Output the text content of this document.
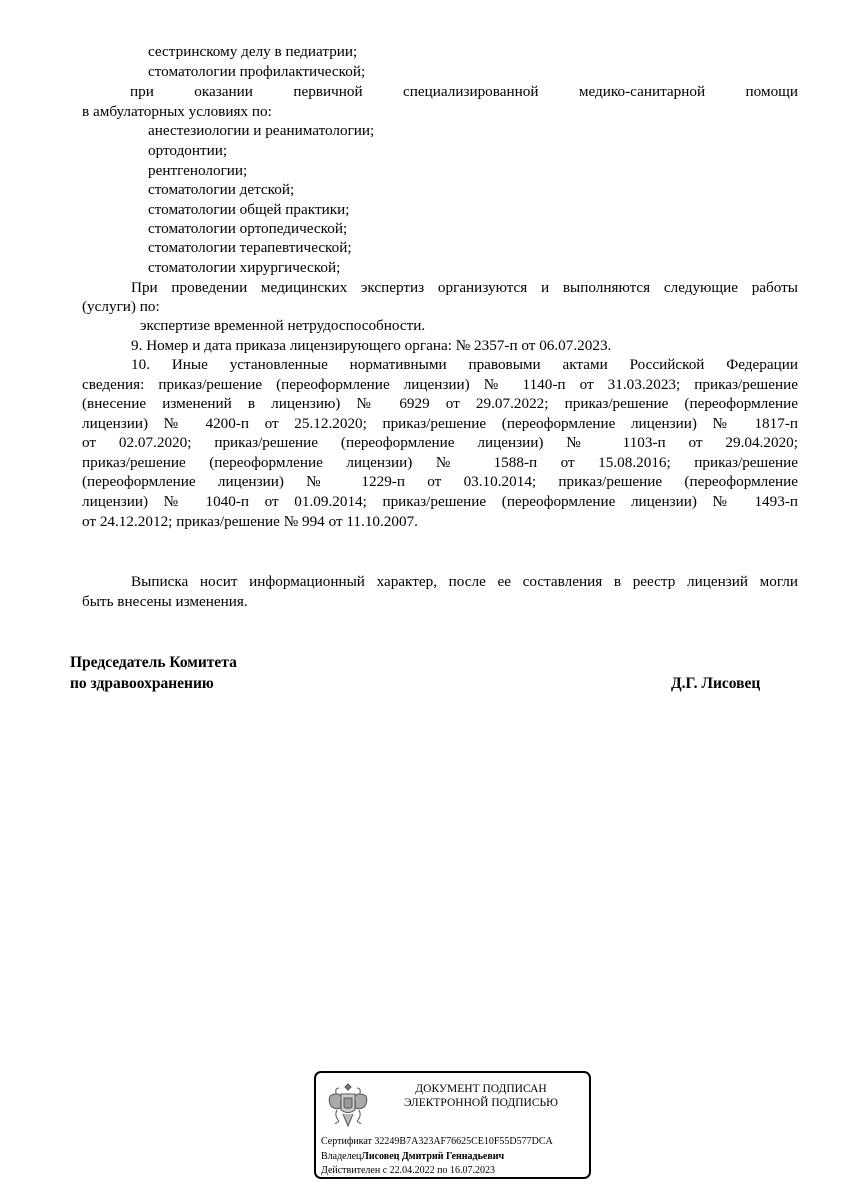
сестринскому делу в педиатрии;
стоматологии профилактической;
при оказании первичной специализированной медико-санитарной помощи
в амбулаторных условиях по:
анестезиологии и реаниматологии;
ортодонтии;
рентгенологии;
стоматологии детской;
стоматологии общей практики;
стоматологии ортопедической;
стоматологии терапевтической;
стоматологии хирургической;
При проведении медицинских экспертиз организуются и выполняются следующие работы
(услуги) по:
экспертизе временной нетрудоспособности.
9. Номер и дата приказа лицензирующего органа: № 2357-п от 06.07.2023.
10. Иные установленные нормативными правовыми актами Российской Федерации
сведения: приказ/решение (переоформление лицензии) № 1140-п от 31.03.2023; приказ/решение
(внесение изменений в лицензию) № 6929 от 29.07.2022; приказ/решение (переоформление
лицензии) № 4200-п от 25.12.2020; приказ/решение (переоформление лицензии) № 1817-п
от 02.07.2020; приказ/решение (переоформление лицензии) № 1103-п от 29.04.2020;
приказ/решение (переоформление лицензии) № 1588-п от 15.08.2016; приказ/решение
(переоформление лицензии) № 1229-п от 03.10.2014; приказ/решение (переоформление
лицензии) № 1040-п от 01.09.2014; приказ/решение (переоформление лицензии) № 1493-п
от 24.12.2012; приказ/решение № 994 от 11.10.2007.
Выписка носит информационный характер, после ее составления в реестр лицензий могли
быть внесены изменения.
Председатель Комитета
по здравоохранению	Д.Г. Лисовец
ДОКУМЕНТ ПОДПИСАН
ЭЛЕКТРОННОЙ ПОДПИСЬЮ
Сертификат 32249B7A323AF76625CE10F55D577DCA
ВладелецЛисовец Дмитрий Геннадьевич
Действителен с 22.04.2022 по 16.07.2023
